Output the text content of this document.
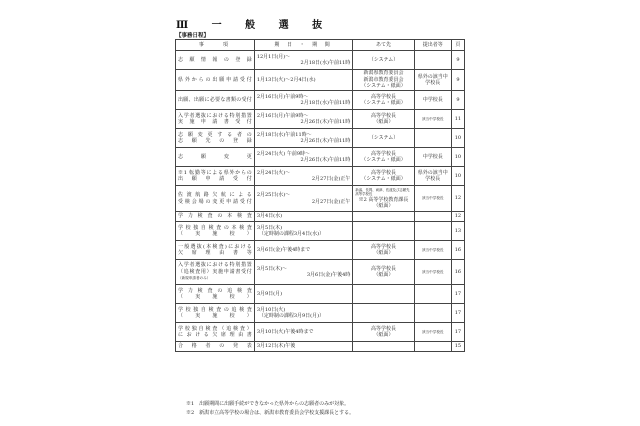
Ⅲ 一 般 選 抜
【事務日程】
事　　項	期 日 ・ 期 間	あて先	提出者等	頁

志願情報の登録	12月1日(月)～
2月18日(水)午前11時	（システム）		9

県外からの出願申請受付	1月13日(火)～2月4日(水)	新潟県教育委員会
新潟市教育委員会
（システム・紙面）	県外の該当中学校長	9

出願、出願に必要な書類の受付	2月16日(月)午前9時～
2月18日(水)午前11時	高等学校長
（システム・紙面）	中学校長	9

入学者選抜における特別措置
実施申請書受付	2月16日(月)午前9時～
2月26日(木)午前11時	高等学校長
（紙面）	該当中学校長	11

志願変更する者の
志願先の登録	2月18日(水)午前11時～
2月26日(木)午前11時	（システム）		10

志願変更	2月24日(火) 午前9時～
2月26日(木)午前11時	高等学校長
（システム・紙面）	中学校長	10

※1 転勤等による県外からの
出願申請受付	2月24日(火)～
2月27日(金)正午	高等学校長
（システム・紙面）	県外の該当中学校長	10

佐渡航路欠航による
受検会場の変更申請受付	2月25日(水)～
2月27日(金)正午	新潟、長岡、両津、佐渡及び志願先高等学校長
※2 高等学校教育課長
（紙面）	該当中学校長	12

学力検査の本検査	3月4日(水)			12

学校独自検査の本検査
（実施校）	3月5日(木)
（定時制の課程3月4日(水)）			13

一般選抜(本検査)における
欠席理由書等	3月6日(金)午後4時まで	高等学校長
（紙面）	該当中学校長	16

入学者選抜における特別措置
（追検査用）実施申請書受付
（新規申請者のみ）	3月5日(木)～
3月6日(金)午後4時	高等学校長
（紙面）	該当中学校長	16

学力検査の追検査
（実施校）	3月9日(月)			17

学校独自検査の追検査
（実施校）	3月10日(火)
（定時制の課程3月9日(月)）			17

学校独自検査（追検査）
における欠席理由書	3月10日(火)午後4時まで	高等学校長
（紙面）	該当中学校長	17

合格者の発表	3月12日(木)午後			15
※1　出願期間に出願手続ができなかった県外からの志願者のみが対象。
※2　新潟市立高等学校の場合は、新潟市教育委員会学校支援課長とする。
